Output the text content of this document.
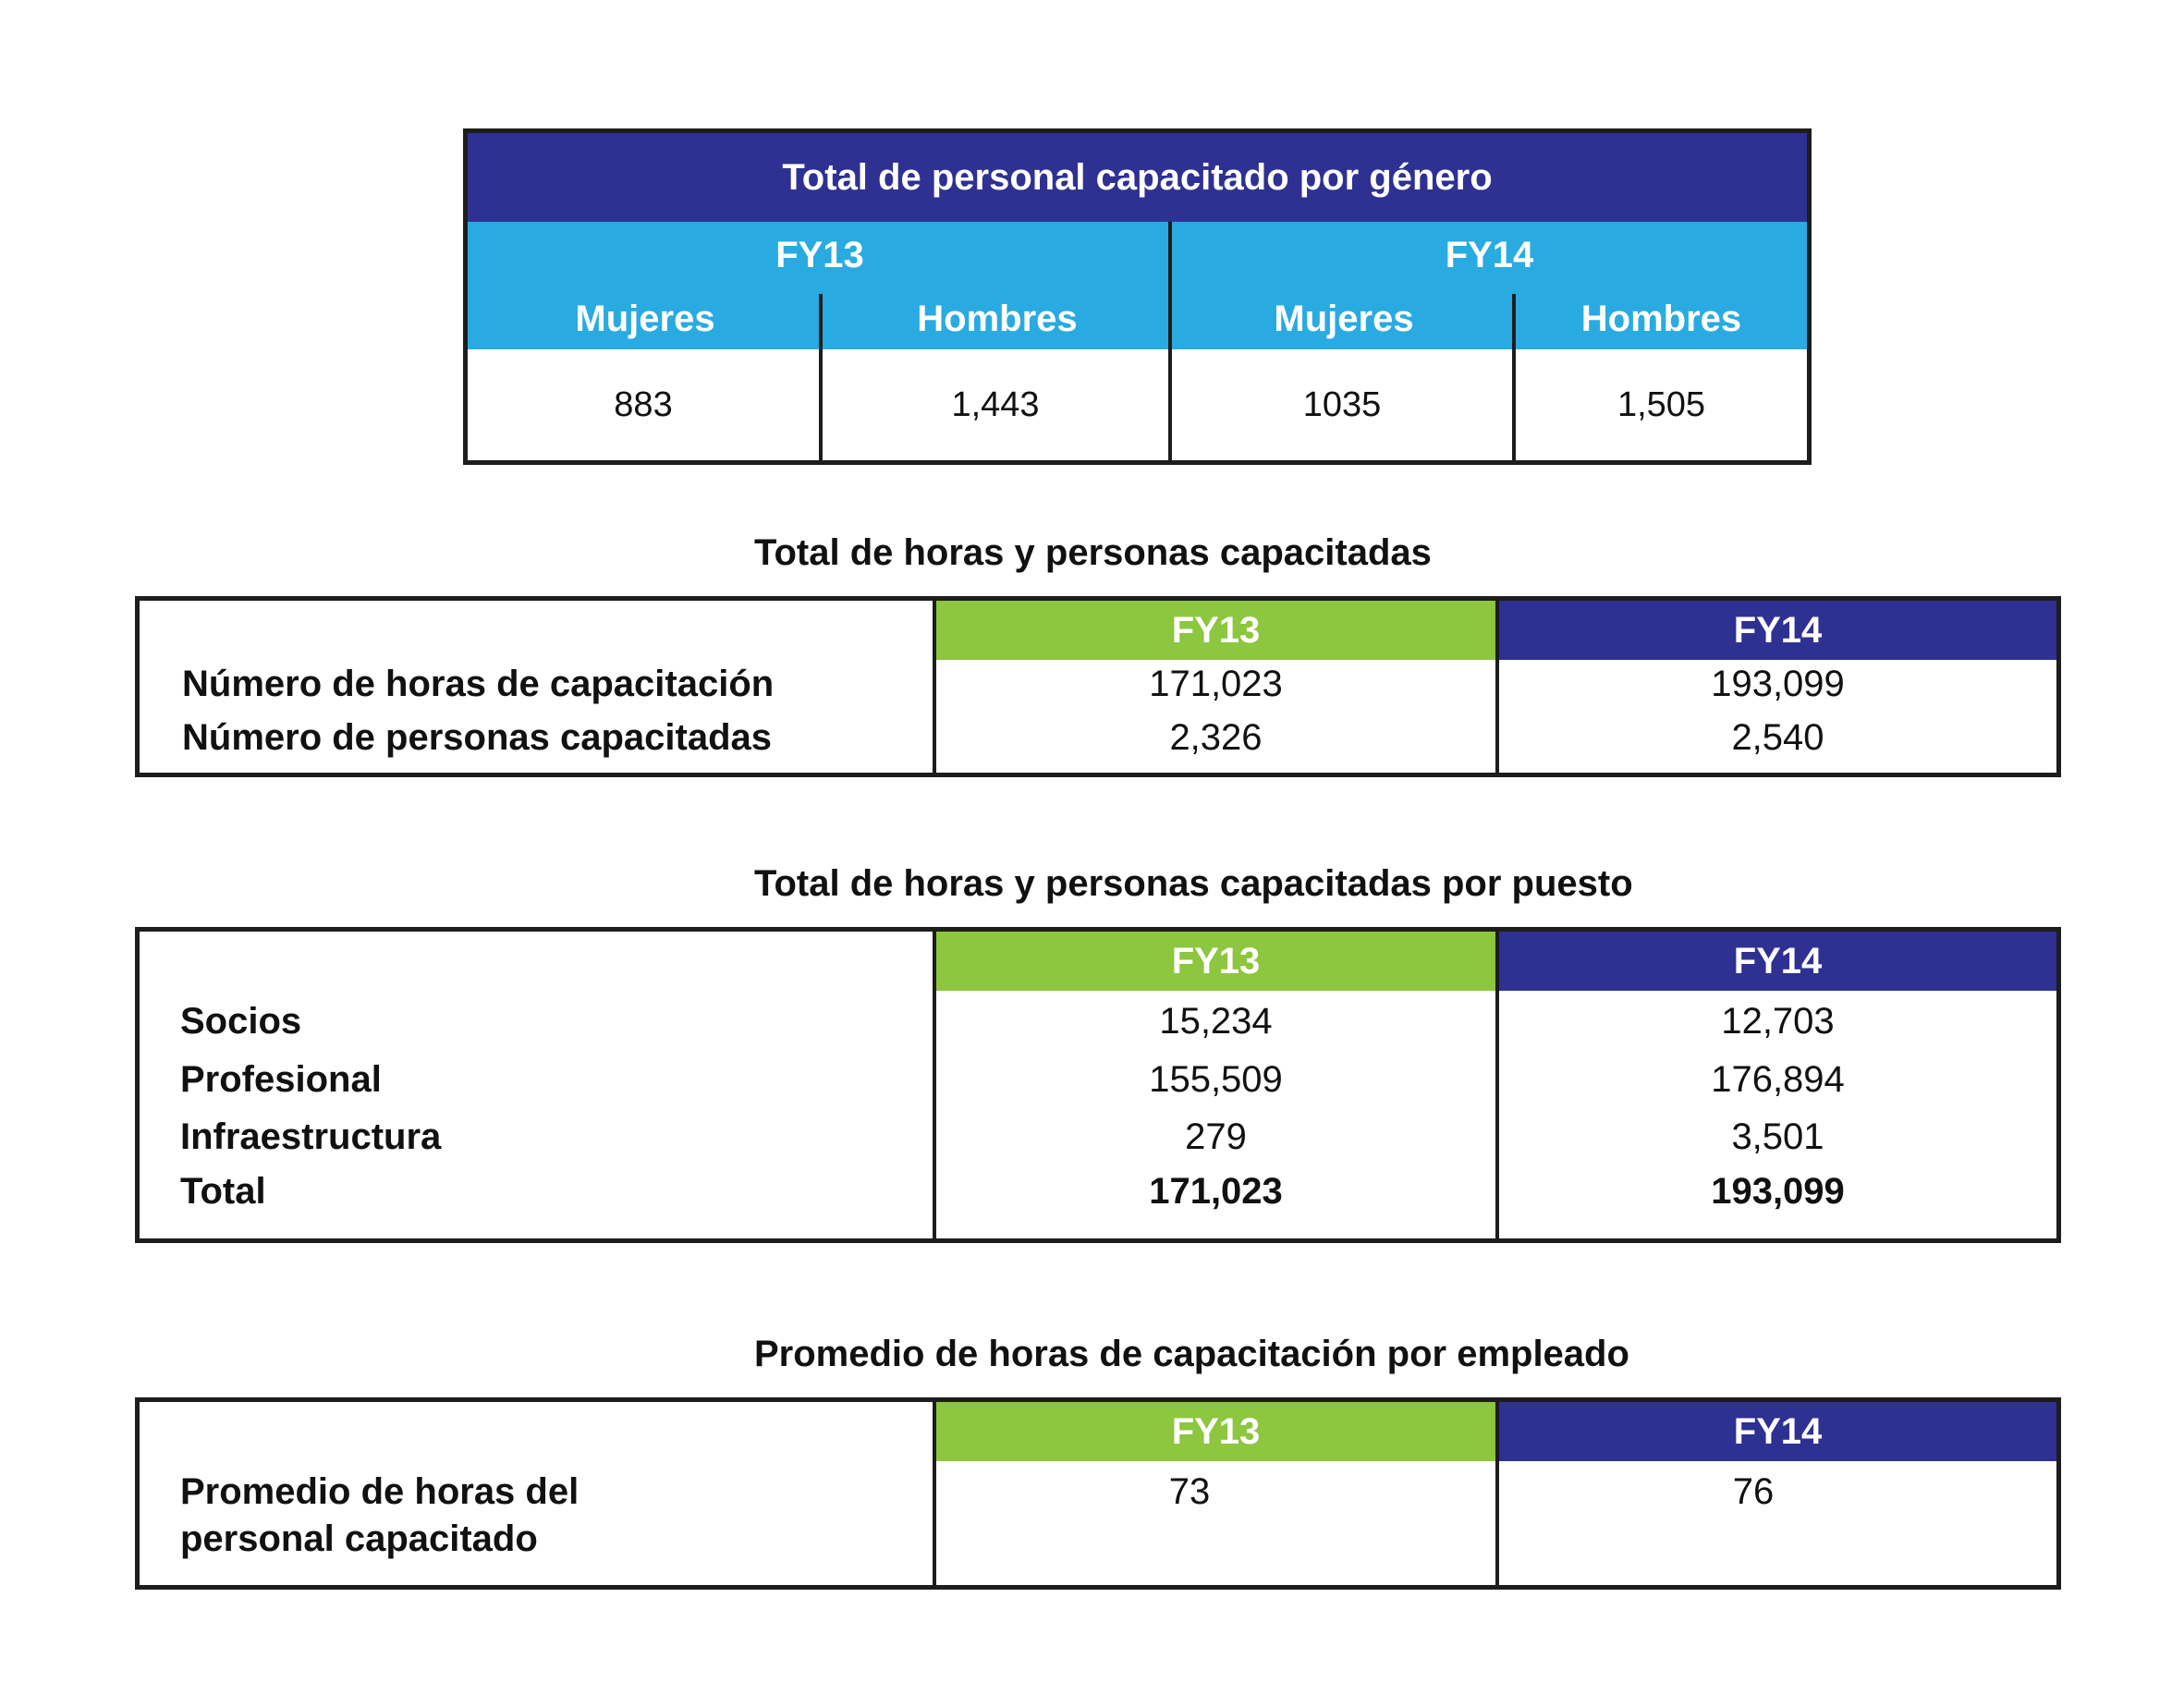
Total de personal capacitado por género
FY13	FY14
Mujeres	Hombres	Mujeres	Hombres
883	1,443	1035	1,505
Total de horas y personas capacitadas
FY13	FY14
Número de horas de capacitación	171,023	193,099
Número de personas capacitadas	2,326	2,540
Total de horas y personas capacitadas por puesto
FY13	FY14
Socios	15,234	12,703
Profesional	155,509	176,894
Infraestructura	279	3,501
Total	171,023	193,099
Promedio de horas de capacitación por empleado
FY13	FY14
Promedio de horas del
personal capacitado
73	76
